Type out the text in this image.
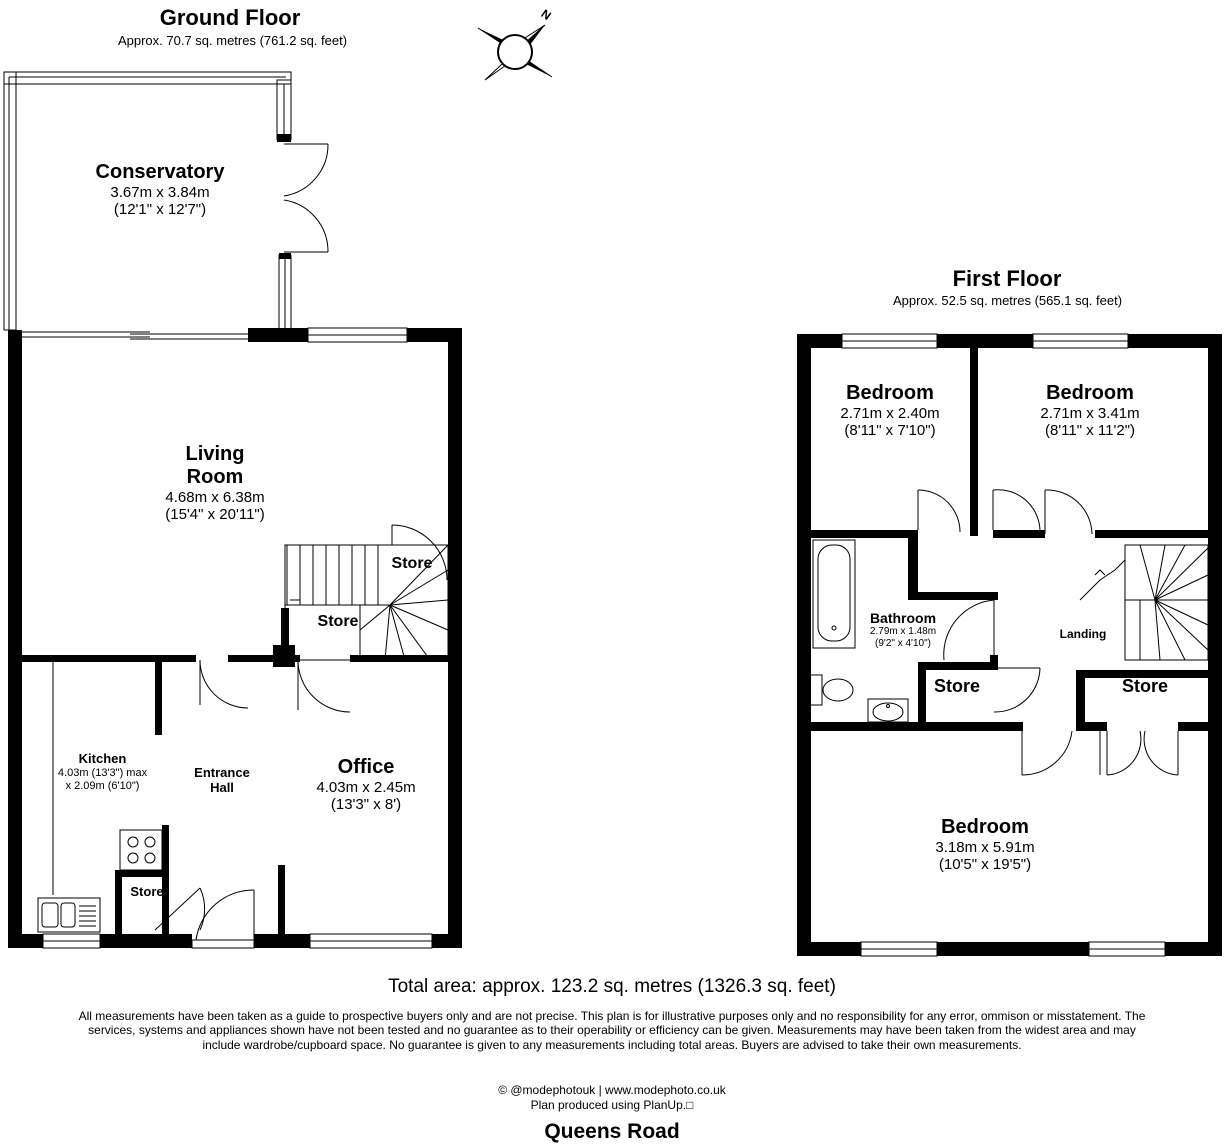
N
Ground Floor
Approx. 70.7 sq. metres (761.2 sq. feet)
Conservatory
3.67m x 3.84m
(12'1" x 12'7")
Living
Room
4.68m x 6.38m
(15'4" x 20'11")
Store
Store
Kitchen
4.03m (13'3") max
x 2.09m (6'10")
Entrance
Hall
Office
4.03m x 2.45m
(13'3" x 8')
Store
First Floor
Approx. 52.5 sq. metres (565.1 sq. feet)
Bedroom
2.71m x 2.40m
(8'11" x 7'10")
Bedroom
2.71m x 3.41m
(8'11" x 11'2")
Bathroom
2.79m x 1.48m
(9'2" x 4'10")
Landing
Store	Store
Bedroom
3.18m x 5.91m
(10'5" x 19'5")
Total area: approx. 123.2 sq. metres (1326.3 sq. feet)
All measurements have been taken as a guide to prospective buyers only and are not precise. This plan is for illustrative purposes only and no responsibility for any error, ommison or misstatement. The services, systems and appliances shown have not been tested and no guarantee as to their operability or efficiency can be given. Measurements may have been taken from the widest area and may include wardrobe/cupboard space. No guarantee is given to any measurements including total areas. Buyers are advised to take their own measurements.
© @modephotouk | www.modephoto.co.uk
Plan produced using PlanUp.□
Queens Road
